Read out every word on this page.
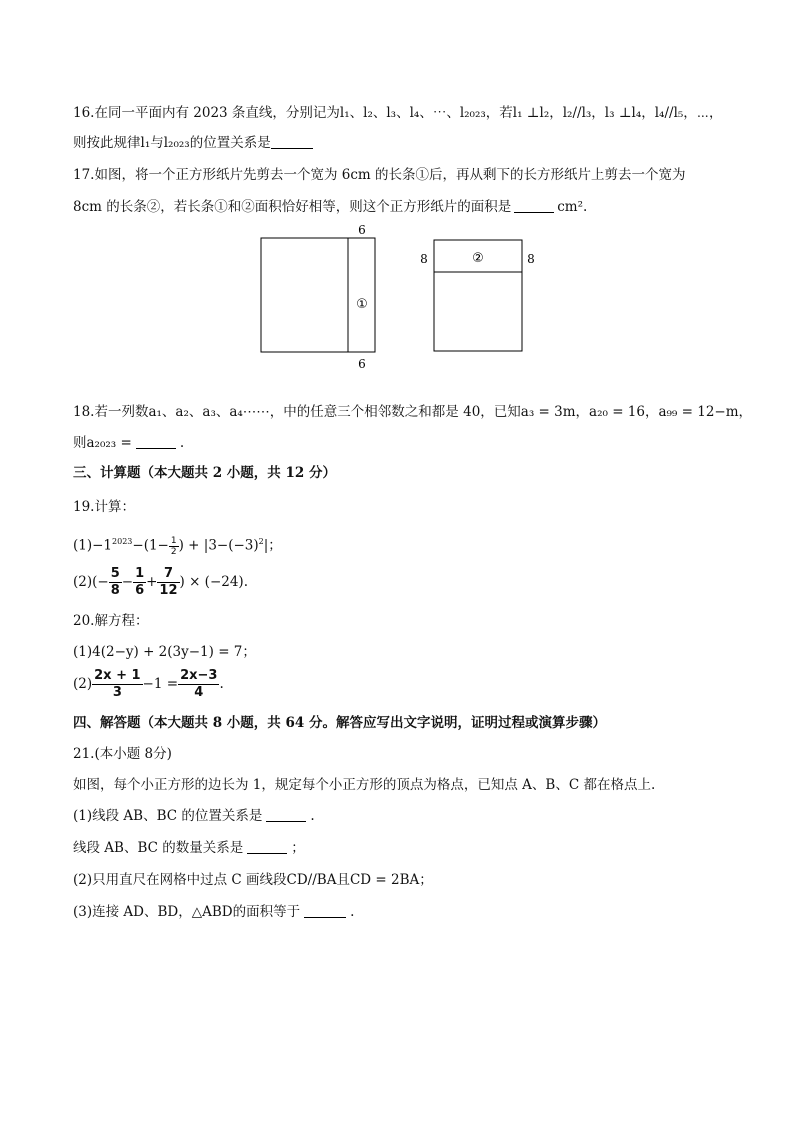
16.在同一平面内有 2023 条直线，分别记为l₁、l₂、l₃、l₄、⋯、l₂₀₂₃，若l₁ ⊥l₂，l₂//l₃，l₃ ⊥l₄，l₄//l₅，⋯，
则按此规律l₁与l₂₀₂₃的位置关系是
17.如图，将一个正方形纸片先剪去一个宽为 6cm 的长条①后，再从剩下的长方形纸片上剪去一个宽为
8cm 的长条②，若长条①和②面积恰好相等，则这个正方形纸片的面积是	cm².
6
6
①
8	8
②
18.若一列数a₁、a₂、a₃、a₄⋯⋯，中的任意三个相邻数之和都是 40，已知a₃ = 3m，a₂₀ = 16，a₉₉ = 12−m，
则a₂₀₂₃ =	.
三、计算题（本大题共 2 小题，共 12 分）
19.计算：
$(1)-1^{2023}-(1- \frac{1}{2}$ ) + $|3-(-3)^2|$；
$(2)(- \frac{5}{8} - \frac{1}{6} + \frac{7}{12}$ ) × (−24).
20.解方程：
(1)4(2−y) + 2(3y−1) = 7；
$(2) \frac{2x + 1}{3} -1 = \frac{2x-3}{4}$ .
四、解答题（本大题共 8 小题，共 64 分。解答应写出文字说明，证明过程或演算步骤）
21.(本小题 8分)
如图，每个小正方形的边长为 1，规定每个小正方形的顶点为格点，已知点 A、B、C 都在格点上.
(1)线段 AB、BC 的位置关系是	.
线段 AB、BC 的数量关系是	；
(2)只用直尺在网格中过点 C 画线段CD//BA且CD = 2BA；
(3)连接 AD、BD，△ABD的面积等于	.
